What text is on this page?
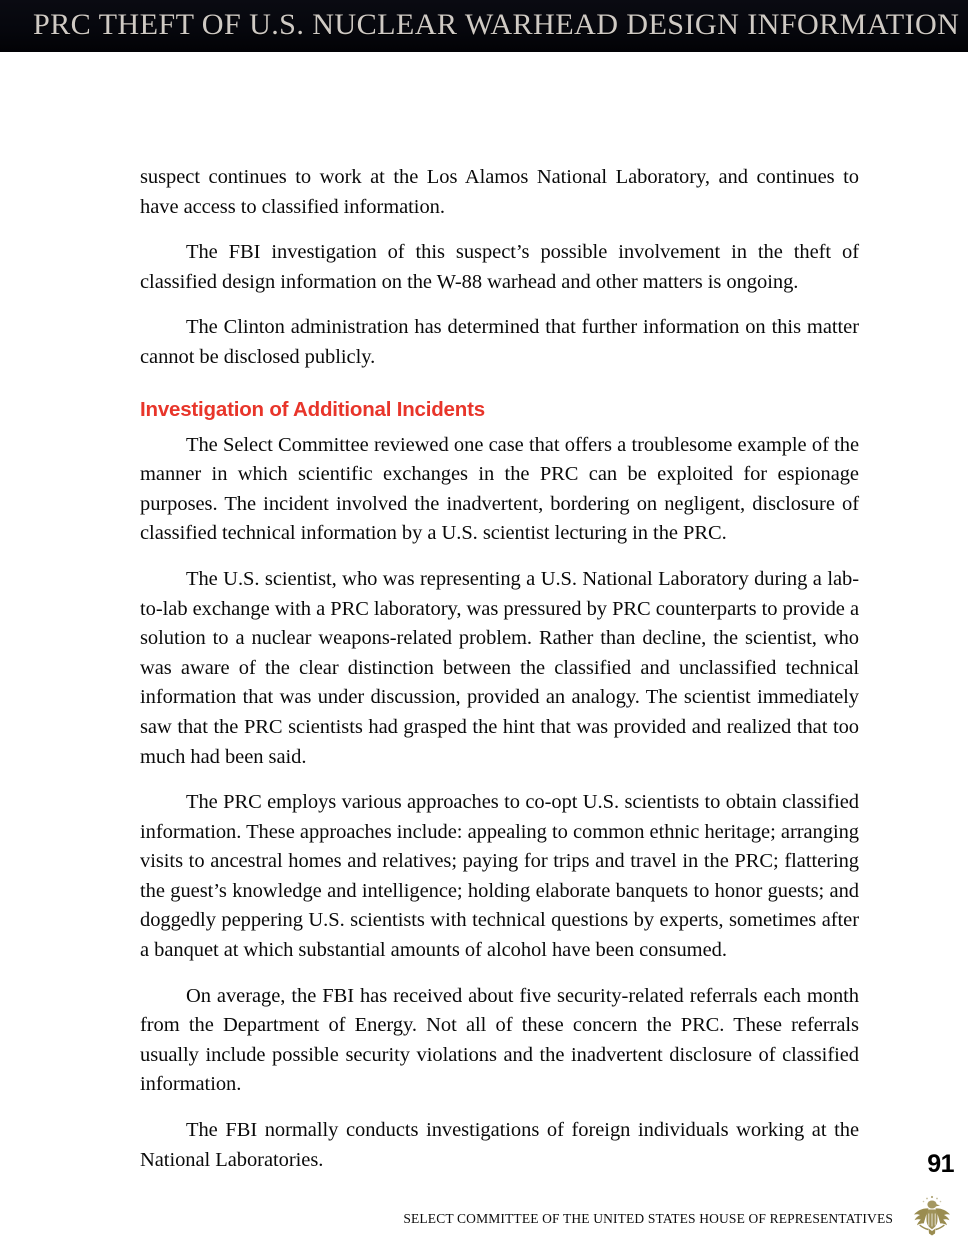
PRC THEFT OF U.S. NUCLEAR WARHEAD DESIGN INFORMATION

suspect continues to work at the Los Alamos National Laboratory, and continues to have access to classified information.

The FBI investigation of this suspect’s possible involvement in the theft of classified design information on the W-88 warhead and other matters is ongoing.

The Clinton administration has determined that further information on this matter cannot be disclosed publicly.

Investigation of Additional Incidents

The Select Committee reviewed one case that offers a troublesome example of the manner in which scientific exchanges in the PRC can be exploited for espionage purposes. The incident involved the inadvertent, bordering on negligent, disclosure of classified technical information by a U.S. scientist lecturing in the PRC.

The U.S. scientist, who was representing a U.S. National Laboratory during a lab-to-lab exchange with a PRC laboratory, was pressured by PRC counterparts to provide a solution to a nuclear weapons-related problem. Rather than decline, the scientist, who was aware of the clear distinction between the classified and unclassified technical information that was under discussion, provided an analogy. The scientist immediately saw that the PRC scientists had grasped the hint that was provided and realized that too much had been said.

The PRC employs various approaches to co-opt U.S. scientists to obtain classified information. These approaches include: appealing to common ethnic heritage; arranging visits to ancestral homes and relatives; paying for trips and travel in the PRC; flattering the guest’s knowledge and intelligence; holding elaborate banquets to honor guests; and doggedly peppering U.S. scientists with technical questions by experts, sometimes after a banquet at which substantial amounts of alcohol have been consumed.

On average, the FBI has received about five security-related referrals each month from the Department of Energy. Not all of these concern the PRC. These referrals usually include possible security violations and the inadvertent disclosure of classified information.

The FBI normally conducts investigations of foreign individuals working at the National Laboratories.	91
SELECT COMMITTEE OF THE UNITED STATES HOUSE OF REPRESENTATIVES
